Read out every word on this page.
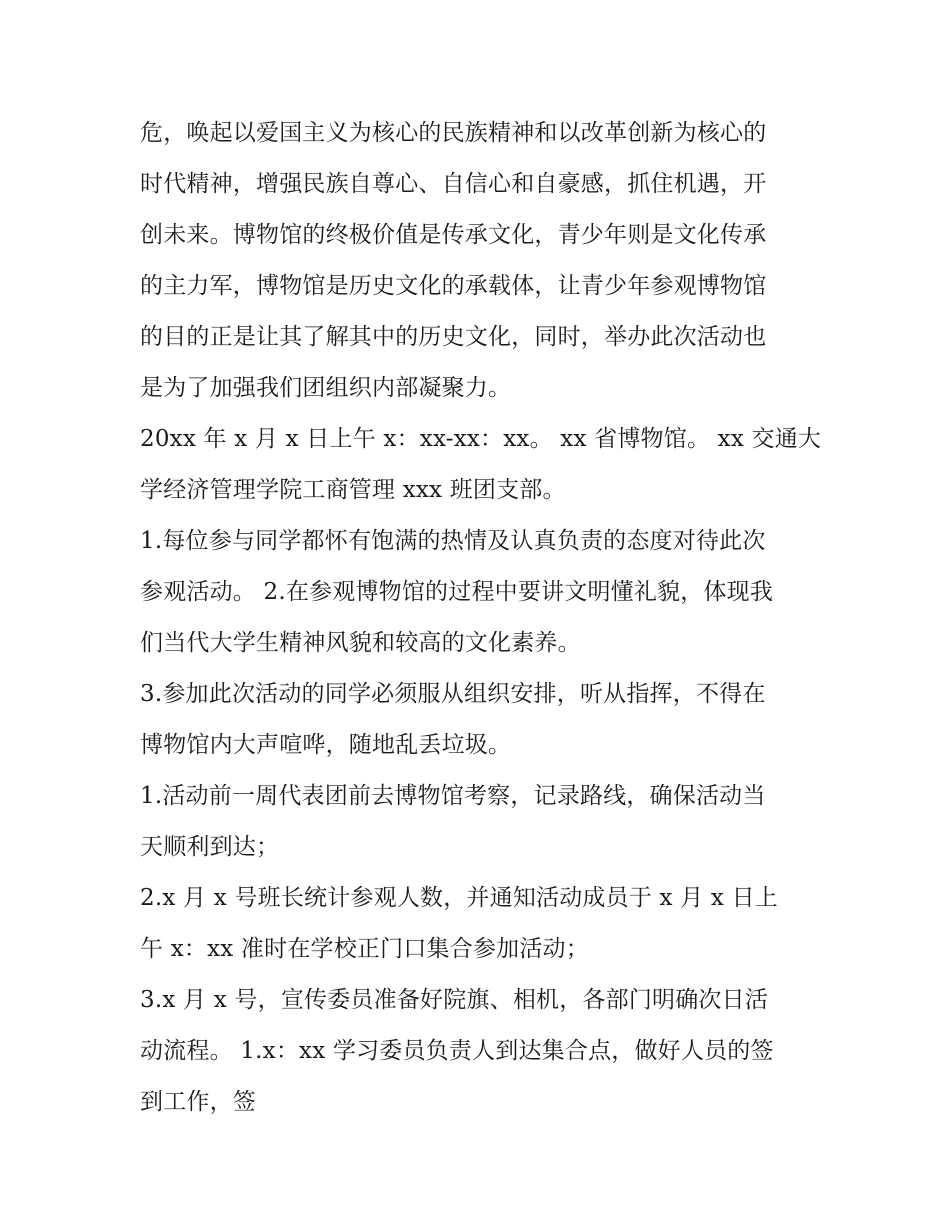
危，唤起以爱国主义为核心的民族精神和以改革创新为核心的
时代精神，增强民族自尊心、自信心和自豪感，抓住机遇，开
创未来。博物馆的终极价值是传承文化，青少年则是文化传承
的主力军，博物馆是历史文化的承载体，让青少年参观博物馆
的目的正是让其了解其中的历史文化，同时，举办此次活动也
是为了加强我们团组织内部凝聚力。
20xx 年 x 月 x 日上午 x：xx-xx：xx。 xx 省博物馆。 xx 交通大
学经济管理学院工商管理 xxx 班团支部。
1.每位参与同学都怀有饱满的热情及认真负责的态度对待此次
参观活动。 2.在参观博物馆的过程中要讲文明懂礼貌，体现我
们当代大学生精神风貌和较高的文化素养。
3.参加此次活动的同学必须服从组织安排，听从指挥，不得在
博物馆内大声喧哗，随地乱丢垃圾。
1.活动前一周代表团前去博物馆考察，记录路线，确保活动当
天顺利到达；
2.x 月 x 号班长统计参观人数，并通知活动成员于 x 月 x 日上
午 x：xx 准时在学校正门口集合参加活动；
3.x 月 x 号，宣传委员准备好院旗、相机，各部门明确次日活
动流程。 1.x：xx 学习委员负责人到达集合点，做好人员的签
到工作，签
